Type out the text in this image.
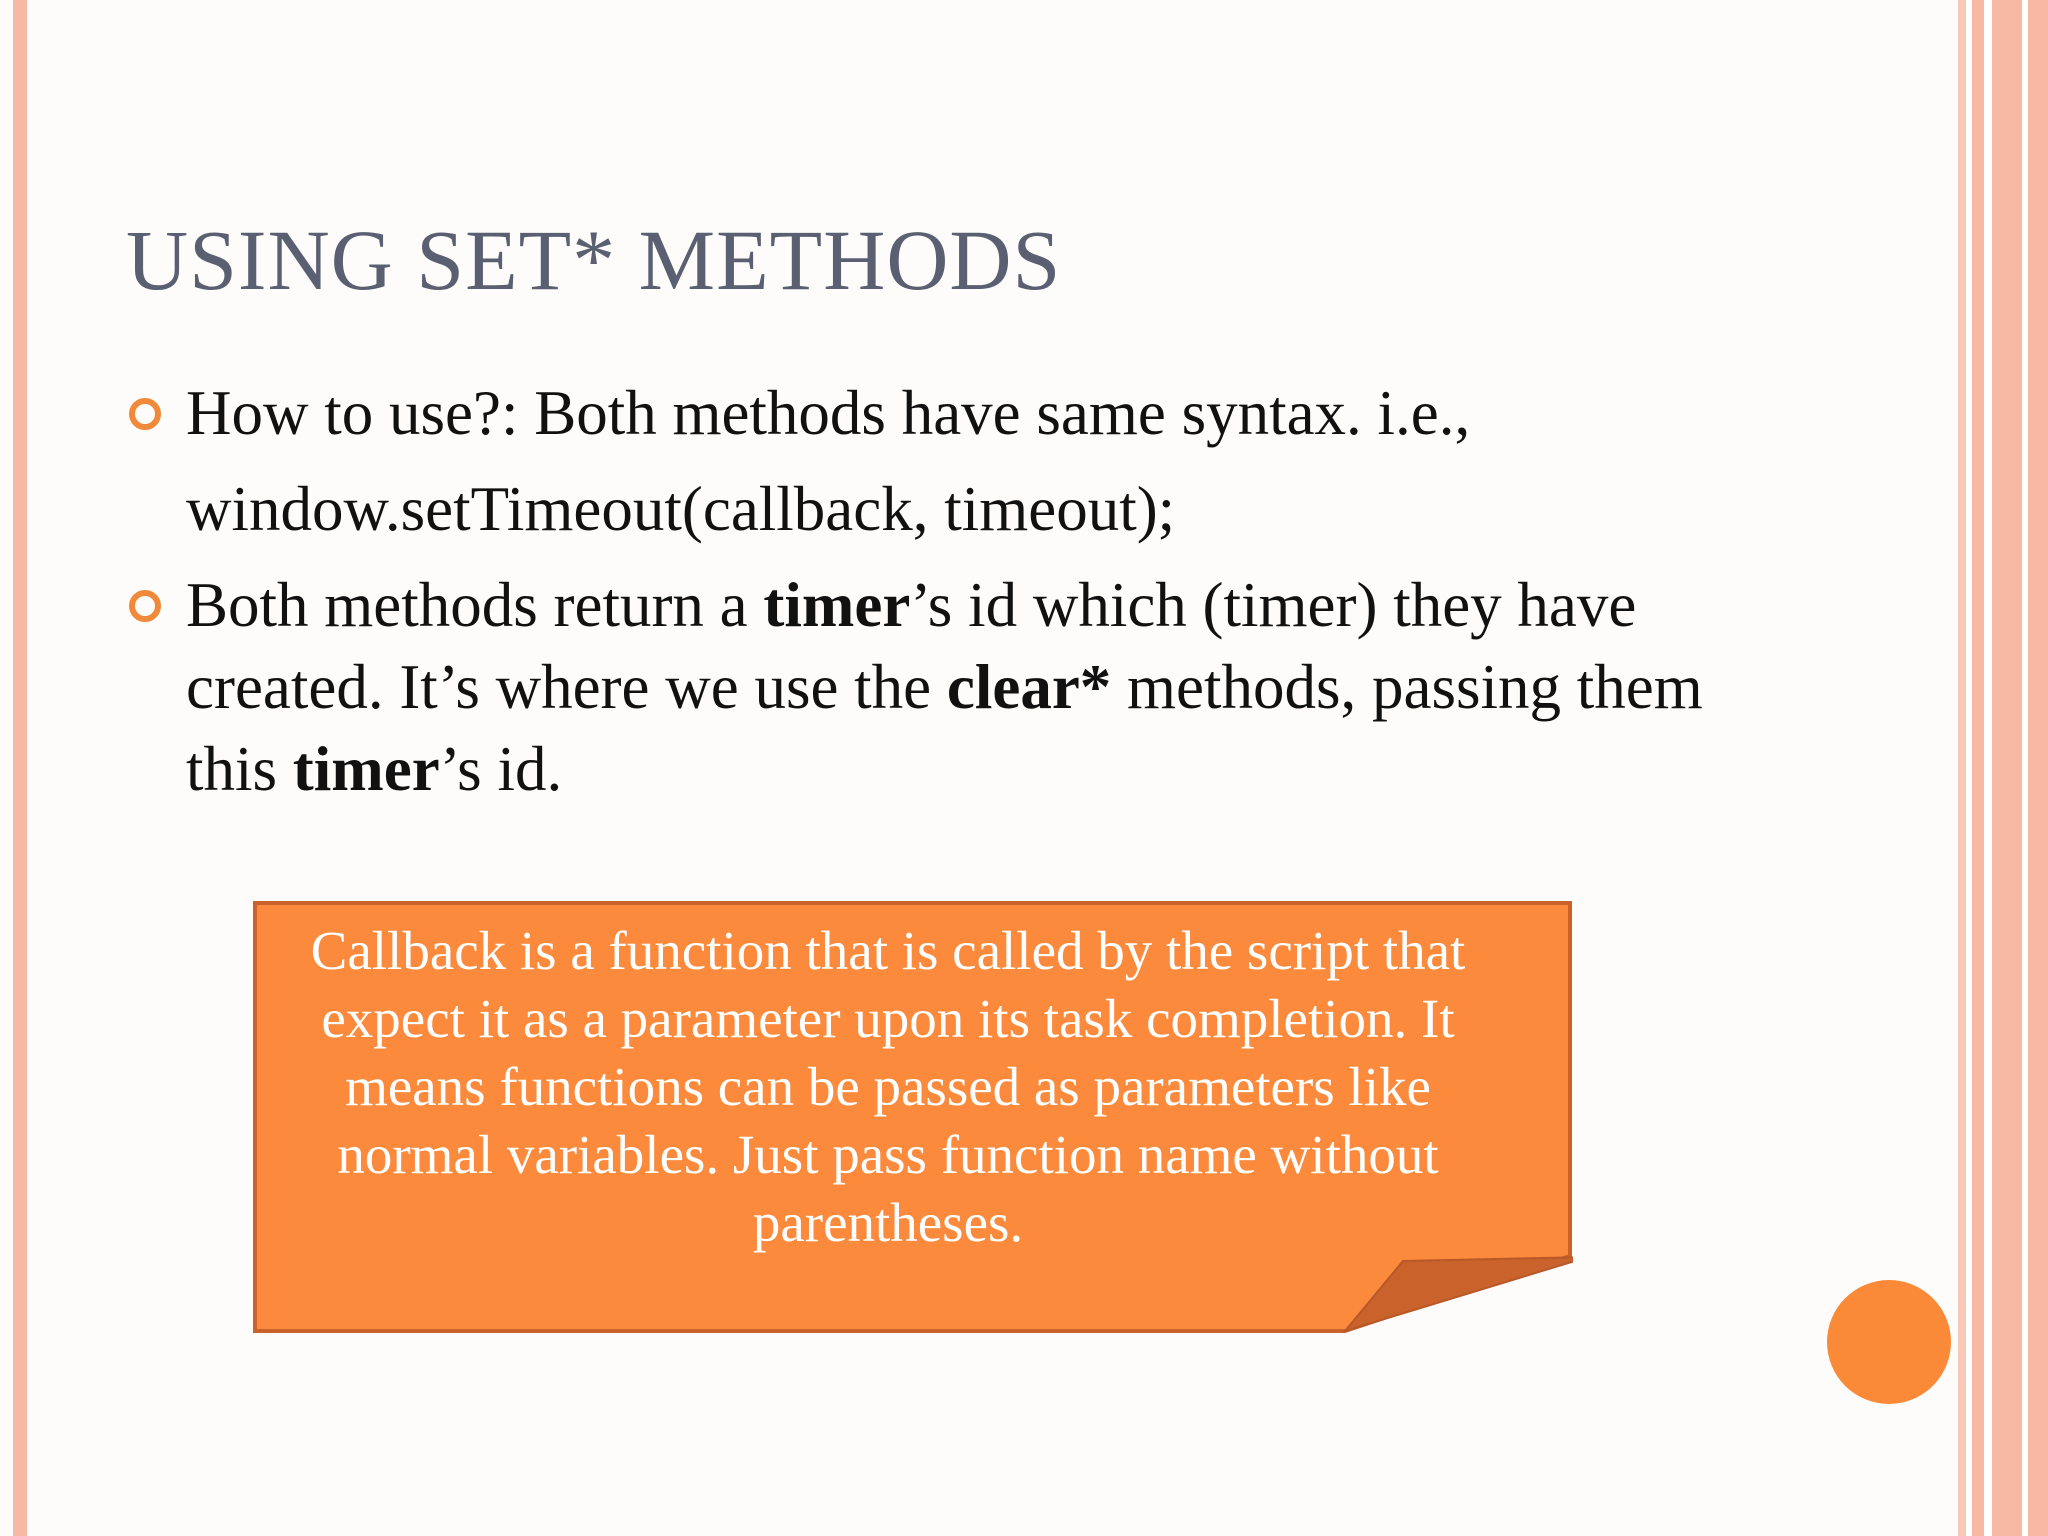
USING SET* METHODS
How to use?: Both methods have same syntax. i.e.,
window.setTimeout(callback, timeout);
Both methods return a timer’s id which (timer) they have created. It’s where we use the clear* methods, passing them this timer’s id.
Callback is a function that is called by the script that expect it as a parameter upon its task completion. It means functions can be passed as parameters like normal variables. Just pass function name without parentheses.
